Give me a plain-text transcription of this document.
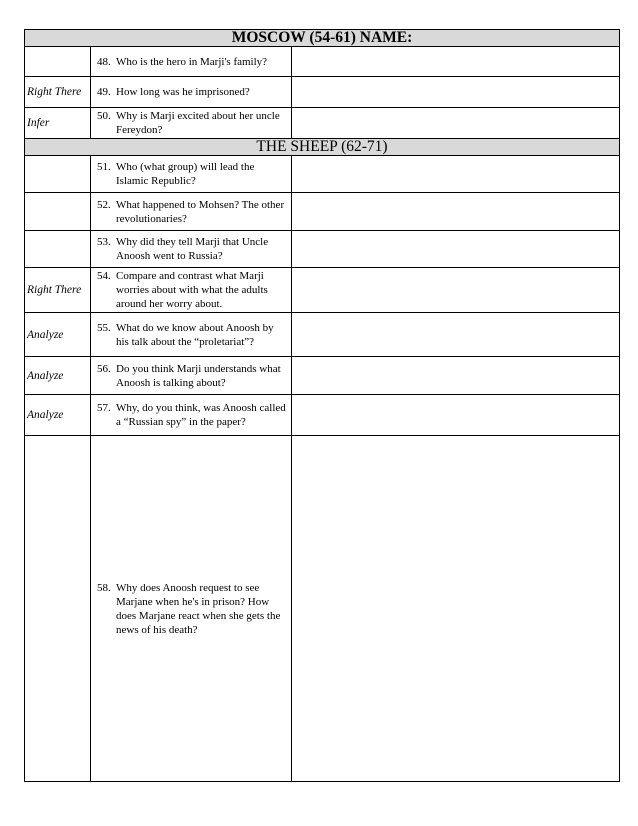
MOSCOW (54-61) NAME:		

	48. Who is the hero in Marji's family?	

Right There	49. How long was he imprisoned?	

Infer	50. Why is Marji excited about her uncle Fereydon?	

THE SHEEP (62-71)		

	51. Who (what group) will lead the Islamic Republic?	

	52. What happened to Mohsen? The other revolutionaries?	

	53. Why did they tell Marji that Uncle Anoosh went to Russia?	

Right There	54. Compare and contrast what Marji worries about with what the adults around her worry about.	

Analyze	55. What do we know about Anoosh by his talk about the “proletariat”?	

Analyze	56. Do you think Marji understands what Anoosh is talking about?	

Analyze	57. Why, do you think, was Anoosh called a “Russian spy” in the paper?	

	58. Why does Anoosh request to see Marjane when he's in prison? How does Marjane react when she gets the news of his death?	
